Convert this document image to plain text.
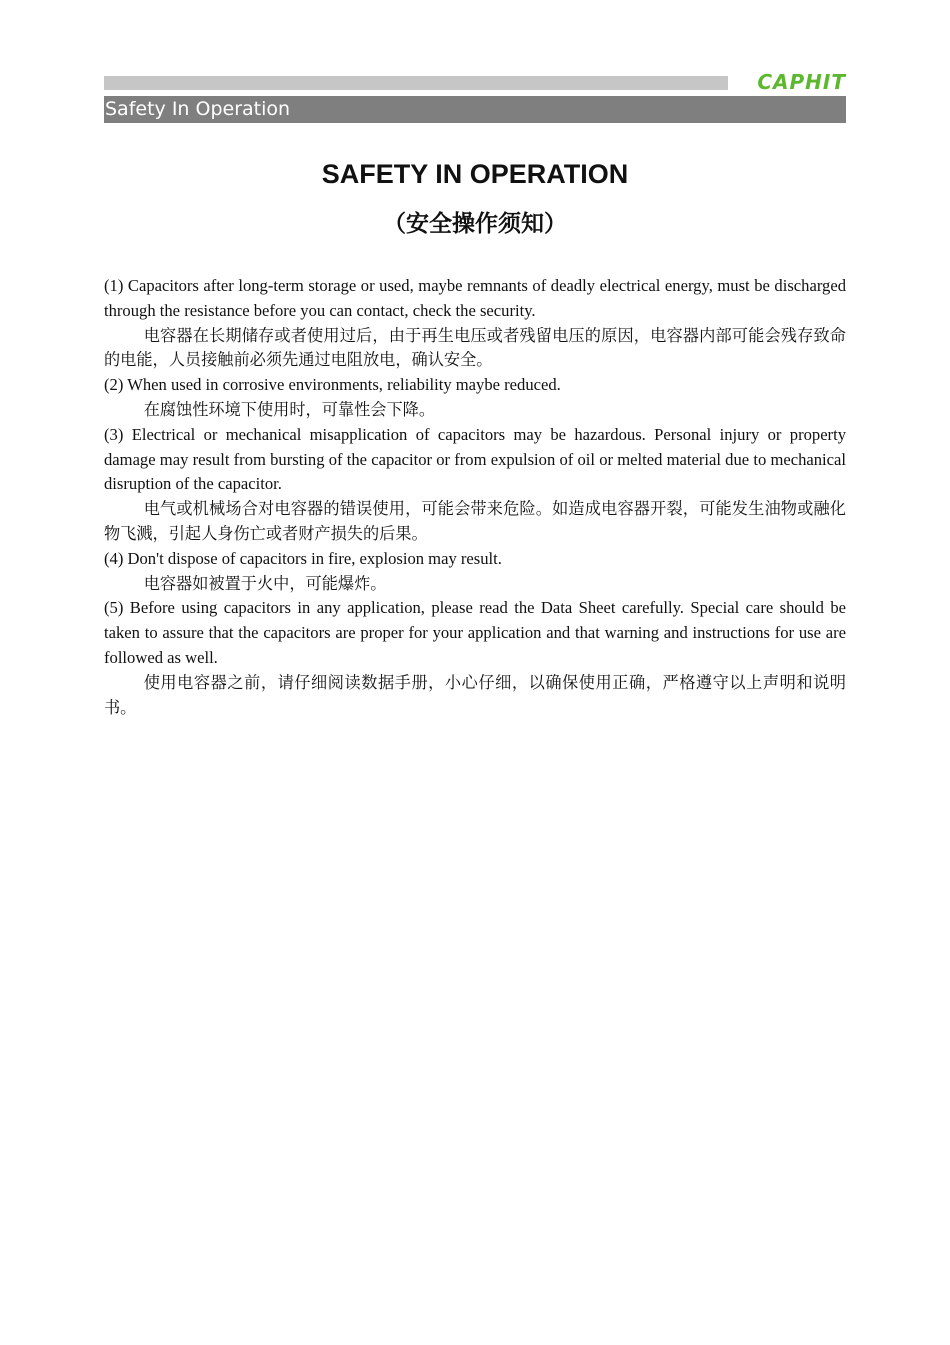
CAPHIT
Safety In Operation
SAFETY IN OPERATION
（安全操作须知）

(1) Capacitors after long-term storage or used, maybe remnants of deadly electrical energy, must be discharged through the resistance before you can contact, check the security.

电容器在长期储存或者使用过后，由于再生电压或者残留电压的原因，电容器内部可能会残存致命的电能，人员接触前必须先通过电阻放电，确认安全。

(2) When used in corrosive environments, reliability maybe reduced.

在腐蚀性环境下使用时，可靠性会下降。

(3) Electrical or mechanical misapplication of capacitors may be hazardous. Personal injury or property damage may result from bursting of the capacitor or from expulsion of oil or melted material due to mechanical disruption of the capacitor.

电气或机械场合对电容器的错误使用，可能会带来危险。如造成电容器开裂，可能发生油物或融化物飞溅，引起人身伤亡或者财产损失的后果。

(4) Don't dispose of capacitors in fire, explosion may result.

电容器如被置于火中，可能爆炸。

(5) Before using capacitors in any application, please read the Data Sheet carefully. Special care should be taken to assure that the capacitors are proper for your application and that warning and instructions for use are followed as well.

使用电容器之前，请仔细阅读数据手册，小心仔细，以确保使用正确，严格遵守以上声明和说明书。
